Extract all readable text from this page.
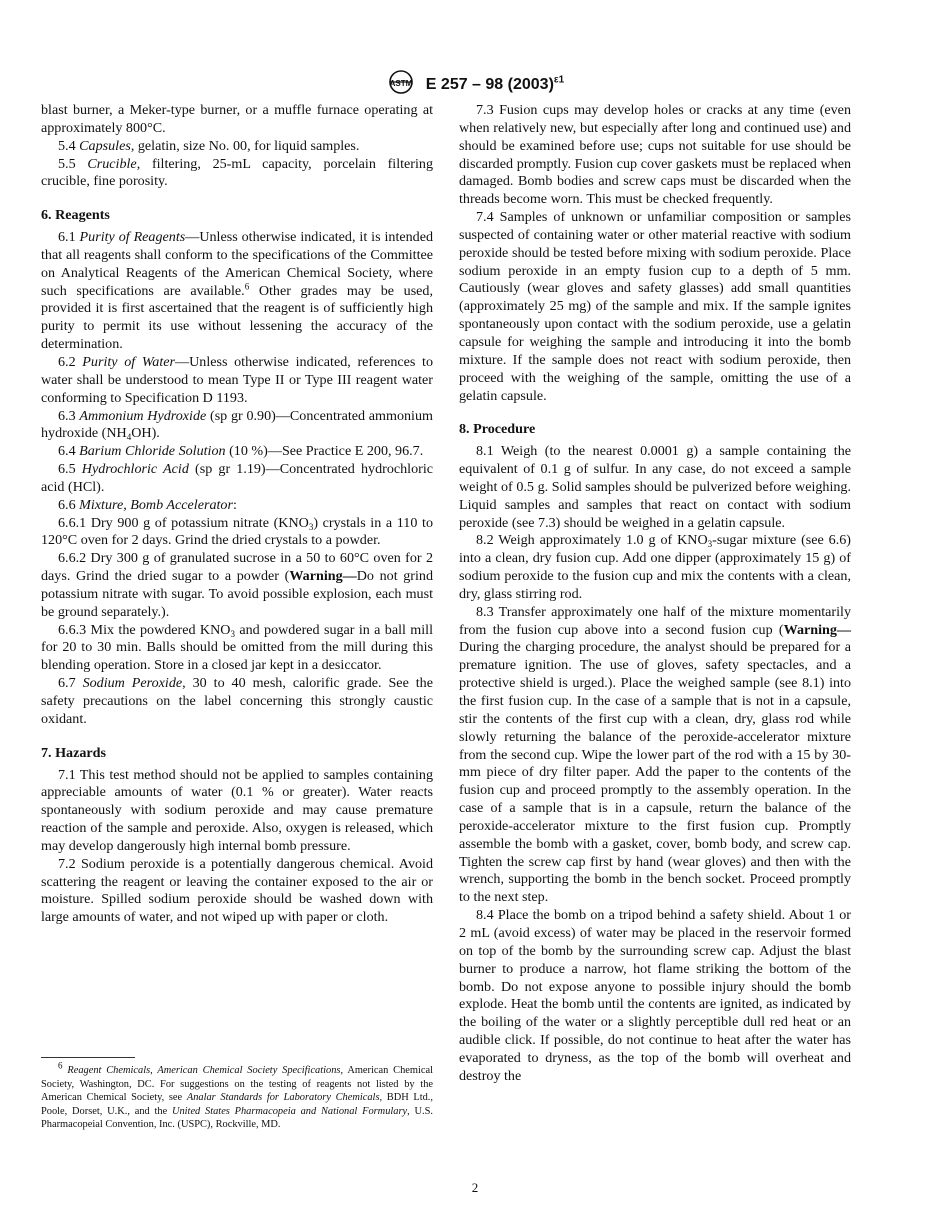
ASTM E 257 – 98 $(2003)^{\varepsilon 1}$

blast burner, a Meker-type burner, or a muffle furnace operating at approximately 800°C.

5.4 Capsules, gelatin, size No. 00, for liquid samples.

5.5 Crucible, filtering, 25-mL capacity, porcelain filtering crucible, fine porosity.

6. Reagents

6.1 Purity of Reagents—Unless otherwise indicated, it is intended that all reagents shall conform to the specifications of the Committee on Analytical Reagents of the American Chemical Society, where such specifications are available.$^6$ Other grades may be used, provided it is first ascertained that the reagent is of sufficiently high purity to permit its use without lessening the accuracy of the determination.

6.2 Purity of Water—Unless otherwise indicated, references to water shall be understood to mean Type II or Type III reagent water conforming to Specification D 1193.

6.3 Ammonium Hydroxide (sp gr 0.90)—Concentrated ammonium hydroxide $(NH_4OH)$.

6.4 Barium Chloride Solution (10 %)—See Practice E 200, 96.7.

6.5 Hydrochloric Acid (sp gr 1.19)—Concentrated hydrochloric acid (HCl).

6.6 Mixture, Bomb Accelerator:

6.6.1 Dry 900 g of potassium nitrate $(KNO_3)$ crystals in a 110 to 120°C oven for 2 days. Grind the dried crystals to a powder.

6.6.2 Dry 300 g of granulated sucrose in a 50 to 60°C oven for 2 days. Grind the dried sugar to a powder (Warning—Do not grind potassium nitrate with sugar. To avoid possible explosion, each must be ground separately.).

6.6.3 Mix the powdered $KNO_3$ and powdered sugar in a ball mill for 20 to 30 min. Balls should be omitted from the mill during this blending operation. Store in a closed jar kept in a desiccator.

6.7 Sodium Peroxide, 30 to 40 mesh, calorific grade. See the safety precautions on the label concerning this strongly caustic oxidant.

7. Hazards

7.1 This test method should not be applied to samples containing appreciable amounts of water (0.1 % or greater). Water reacts spontaneously with sodium peroxide and may cause premature reaction of the sample and peroxide. Also, oxygen is released, which may develop dangerously high internal bomb pressure.

7.2 Sodium peroxide is a potentially dangerous chemical. Avoid scattering the reagent or leaving the container exposed to the air or moisture. Spilled sodium peroxide should be washed down with large amounts of water, and not wiped up with paper or cloth.

7.3 Fusion cups may develop holes or cracks at any time (even when relatively new, but especially after long and continued use) and should be examined before use; cups not suitable for use should be discarded promptly. Fusion cup cover gaskets must be replaced when damaged. Bomb bodies and screw caps must be discarded when the threads become worn. This must be checked frequently.

7.4 Samples of unknown or unfamiliar composition or samples suspected of containing water or other material reactive with sodium peroxide should be tested before mixing with sodium peroxide. Place sodium peroxide in an empty fusion cup to a depth of 5 mm. Cautiously (wear gloves and safety glasses) add small quantities (approximately 25 mg) of the sample and mix. If the sample ignites spontaneously upon contact with the sodium peroxide, use a gelatin capsule for weighing the sample and introducing it into the bomb mixture. If the sample does not react with sodium peroxide, then proceed with the weighing of the sample, omitting the use of a gelatin capsule.

8. Procedure

8.1 Weigh (to the nearest 0.0001 g) a sample containing the equivalent of 0.1 g of sulfur. In any case, do not exceed a sample weight of 0.5 g. Solid samples should be pulverized before weighing. Liquid samples and samples that react on contact with sodium peroxide (see 7.3) should be weighed in a gelatin capsule.

8.2 Weigh approximately 1.0 g of $KNO_3$-sugar mixture (see 6.6) into a clean, dry fusion cup. Add one dipper (approximately 15 g) of sodium peroxide to the fusion cup and mix the contents with a clean, dry, glass stirring rod.

8.3 Transfer approximately one half of the mixture momentarily from the fusion cup above into a second fusion cup (Warning—During the charging procedure, the analyst should be prepared for a premature ignition. The use of gloves, safety spectacles, and a protective shield is urged.). Place the weighed sample (see 8.1) into the first fusion cup. In the case of a sample that is not in a capsule, stir the contents of the first cup with a clean, dry, glass rod while slowly returning the balance of the peroxide-accelerator mixture from the second cup. Wipe the lower part of the rod with a 15 by 30-mm piece of dry filter paper. Add the paper to the contents of the fusion cup and proceed promptly to the assembly operation. In the case of a sample that is in a capsule, return the balance of the peroxide-accelerator mixture to the first fusion cup. Promptly assemble the bomb with a gasket, cover, bomb body, and screw cap. Tighten the screw cap first by hand (wear gloves) and then with the wrench, supporting the bomb in the bench socket. Proceed promptly to the next step.

8.4 Place the bomb on a tripod behind a safety shield. About 1 or 2 mL (avoid excess) of water may be placed in the reservoir formed on top of the bomb by the surrounding screw cap. Adjust the blast burner to produce a narrow, hot flame striking the bottom of the bomb. Do not expose anyone to possible injury should the bomb explode. Heat the bomb until the contents are ignited, as indicated by the boiling of the water or a slightly perceptible dull red heat or an audible click. If possible, do not continue to heat after the water has evaporated to dryness, as the top of the bomb will overheat and destroy the

$^6$ Reagent Chemicals, American Chemical Society Specifications, American Chemical Society, Washington, DC. For suggestions on the testing of reagents not listed by the American Chemical Society, see Analar Standards for Laboratory Chemicals, BDH Ltd., Poole, Dorset, U.K., and the United States Pharmacopeia and National Formulary, U.S. Pharmacopeial Convention, Inc. (USPC), Rockville, MD.

2
